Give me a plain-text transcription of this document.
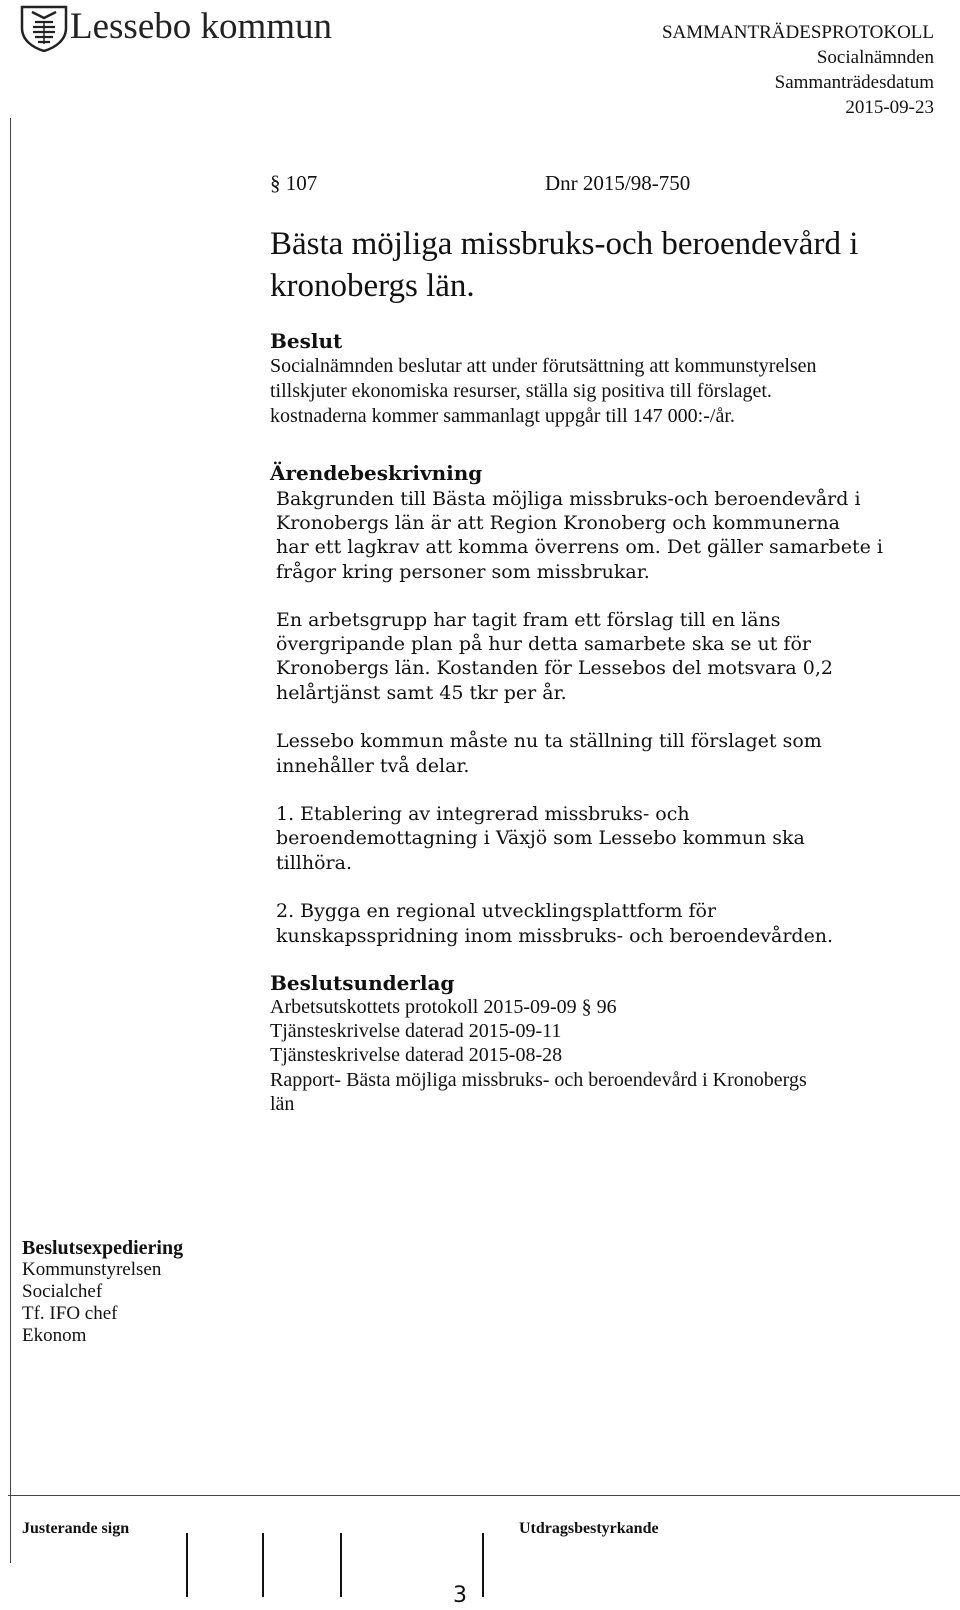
Lessebo kommun	SAMMANTRÄDESPROTOKOLL
Socialnämnden
Sammanträdesdatum
2015-09-23
§ 107	Dnr 2015/98-750
Bästa möjliga missbruks-och beroendevård i
kronobergs län.
Beslut
Socialnämnden beslutar att under förutsättning att kommunstyrelsen
tillskjuter ekonomiska resurser, ställa sig positiva till förslaget.
kostnaderna kommer sammanlagt uppgår till 147 000:-/år.
Ärendebeskrivning
Bakgrunden till Bästa möjliga missbruks-och beroendevård i
Kronobergs län är att Region Kronoberg och kommunerna
har ett lagkrav att komma överrens om. Det gäller samarbete i
frågor kring personer som missbrukar.
En arbetsgrupp har tagit fram ett förslag till en läns
övergripande plan på hur detta samarbete ska se ut för
Kronobergs län. Kostanden för Lessebos del motsvara 0,2
helårtjänst samt 45 tkr per år.
Lessebo kommun måste nu ta ställning till förslaget som
innehåller två delar.
1. Etablering av integrerad missbruks- och
beroendemottagning i Växjö som Lessebo kommun ska
tillhöra.
2. Bygga en regional utvecklingsplattform för
kunskapsspridning inom missbruks- och beroendevården.
Beslutsunderlag
Arbetsutskottets protokoll 2015-09-09 § 96
Tjänsteskrivelse daterad 2015-09-11
Tjänsteskrivelse daterad 2015-08-28
Rapport- Bästa möjliga missbruks- och beroendevård i Kronobergs
län
Beslutsexpediering
Kommunstyrelsen
Socialchef
Tf. IFO chef
Ekonom
Justerande sign	Utdragsbestyrkande
3
